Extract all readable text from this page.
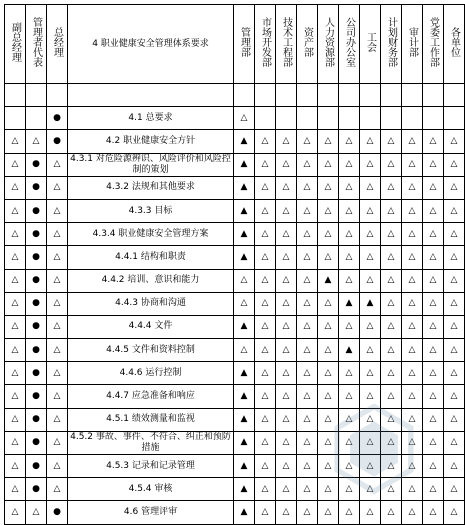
副总经理	管理者代表	总经理	4 职业健康安全管理体系要求	管理部	市场开发部	技术工程部	资产部	人力资源部	公司办公室	工会	计划财务部	审计部	党委工作部	各单位

		●	4.1 总要求	△										
△	△	●	4.2 职业健康安全方针	▲	△	△	△	△	△	△	△	△	△	△
△	●	△	4.3.1 对危险源辨识、风险评价和风险控制的策划	▲	△	△	△	△	△	△	△	△	△	△
△	●	△	4.3.2 法规和其他要求	▲	△	△	△	△	△	△	△	△	△	△
△	●	△	4.3.3 目标	▲	△	△	△	△	△	△	△	△	△	△
△	●	△	4.3.4 职业健康安全管理方案	▲	△	△	△	△	△	△	△	△	△	△
△	●	△	4.4.1 结构和职责	▲	△	△	△	△	△	△	△	△	△	△
△	●	△	4.4.2 培训、意识和能力	△	△	△	△	▲	△	△	△	△	△	△
△	●	△	4.4.3 协商和沟通	△	△	△	△	△	▲	▲	△	△	△	△
△	●	△	4.4.4 文件	▲	△	△	△	△	△	△	△	△	△	△
△	●	△	4.4.5 文件和资料控制	△	△	△	△	△	▲	△	△	△	△	△
△	●	△	4.4.6 运行控制	▲	△	△	△	△	△	△	△	△	△	△
△	●	△	4.4.7 应急准备和响应	▲	△	△	△	△	△	△	△	△	△	△
△	●	△	4.5.1 绩效测量和监视	▲	△	△	△	△	△	△	△	△	△	△
△	●	△	4.5.2 事故、事件、不符合、纠正和预防措施	▲	△	△	△	△	△	△	△	△	△	△
△	●	△	4.5.3 记录和记录管理	▲	△	△	△	△	△	△	△	△	△	△
△	●	△	4.5.4 审核	▲	△	△	△	△	△	△	△	△	△	△
△	△	●	4.6 管理评审	▲	△	△	△	△	△	△	△	△	△	△
